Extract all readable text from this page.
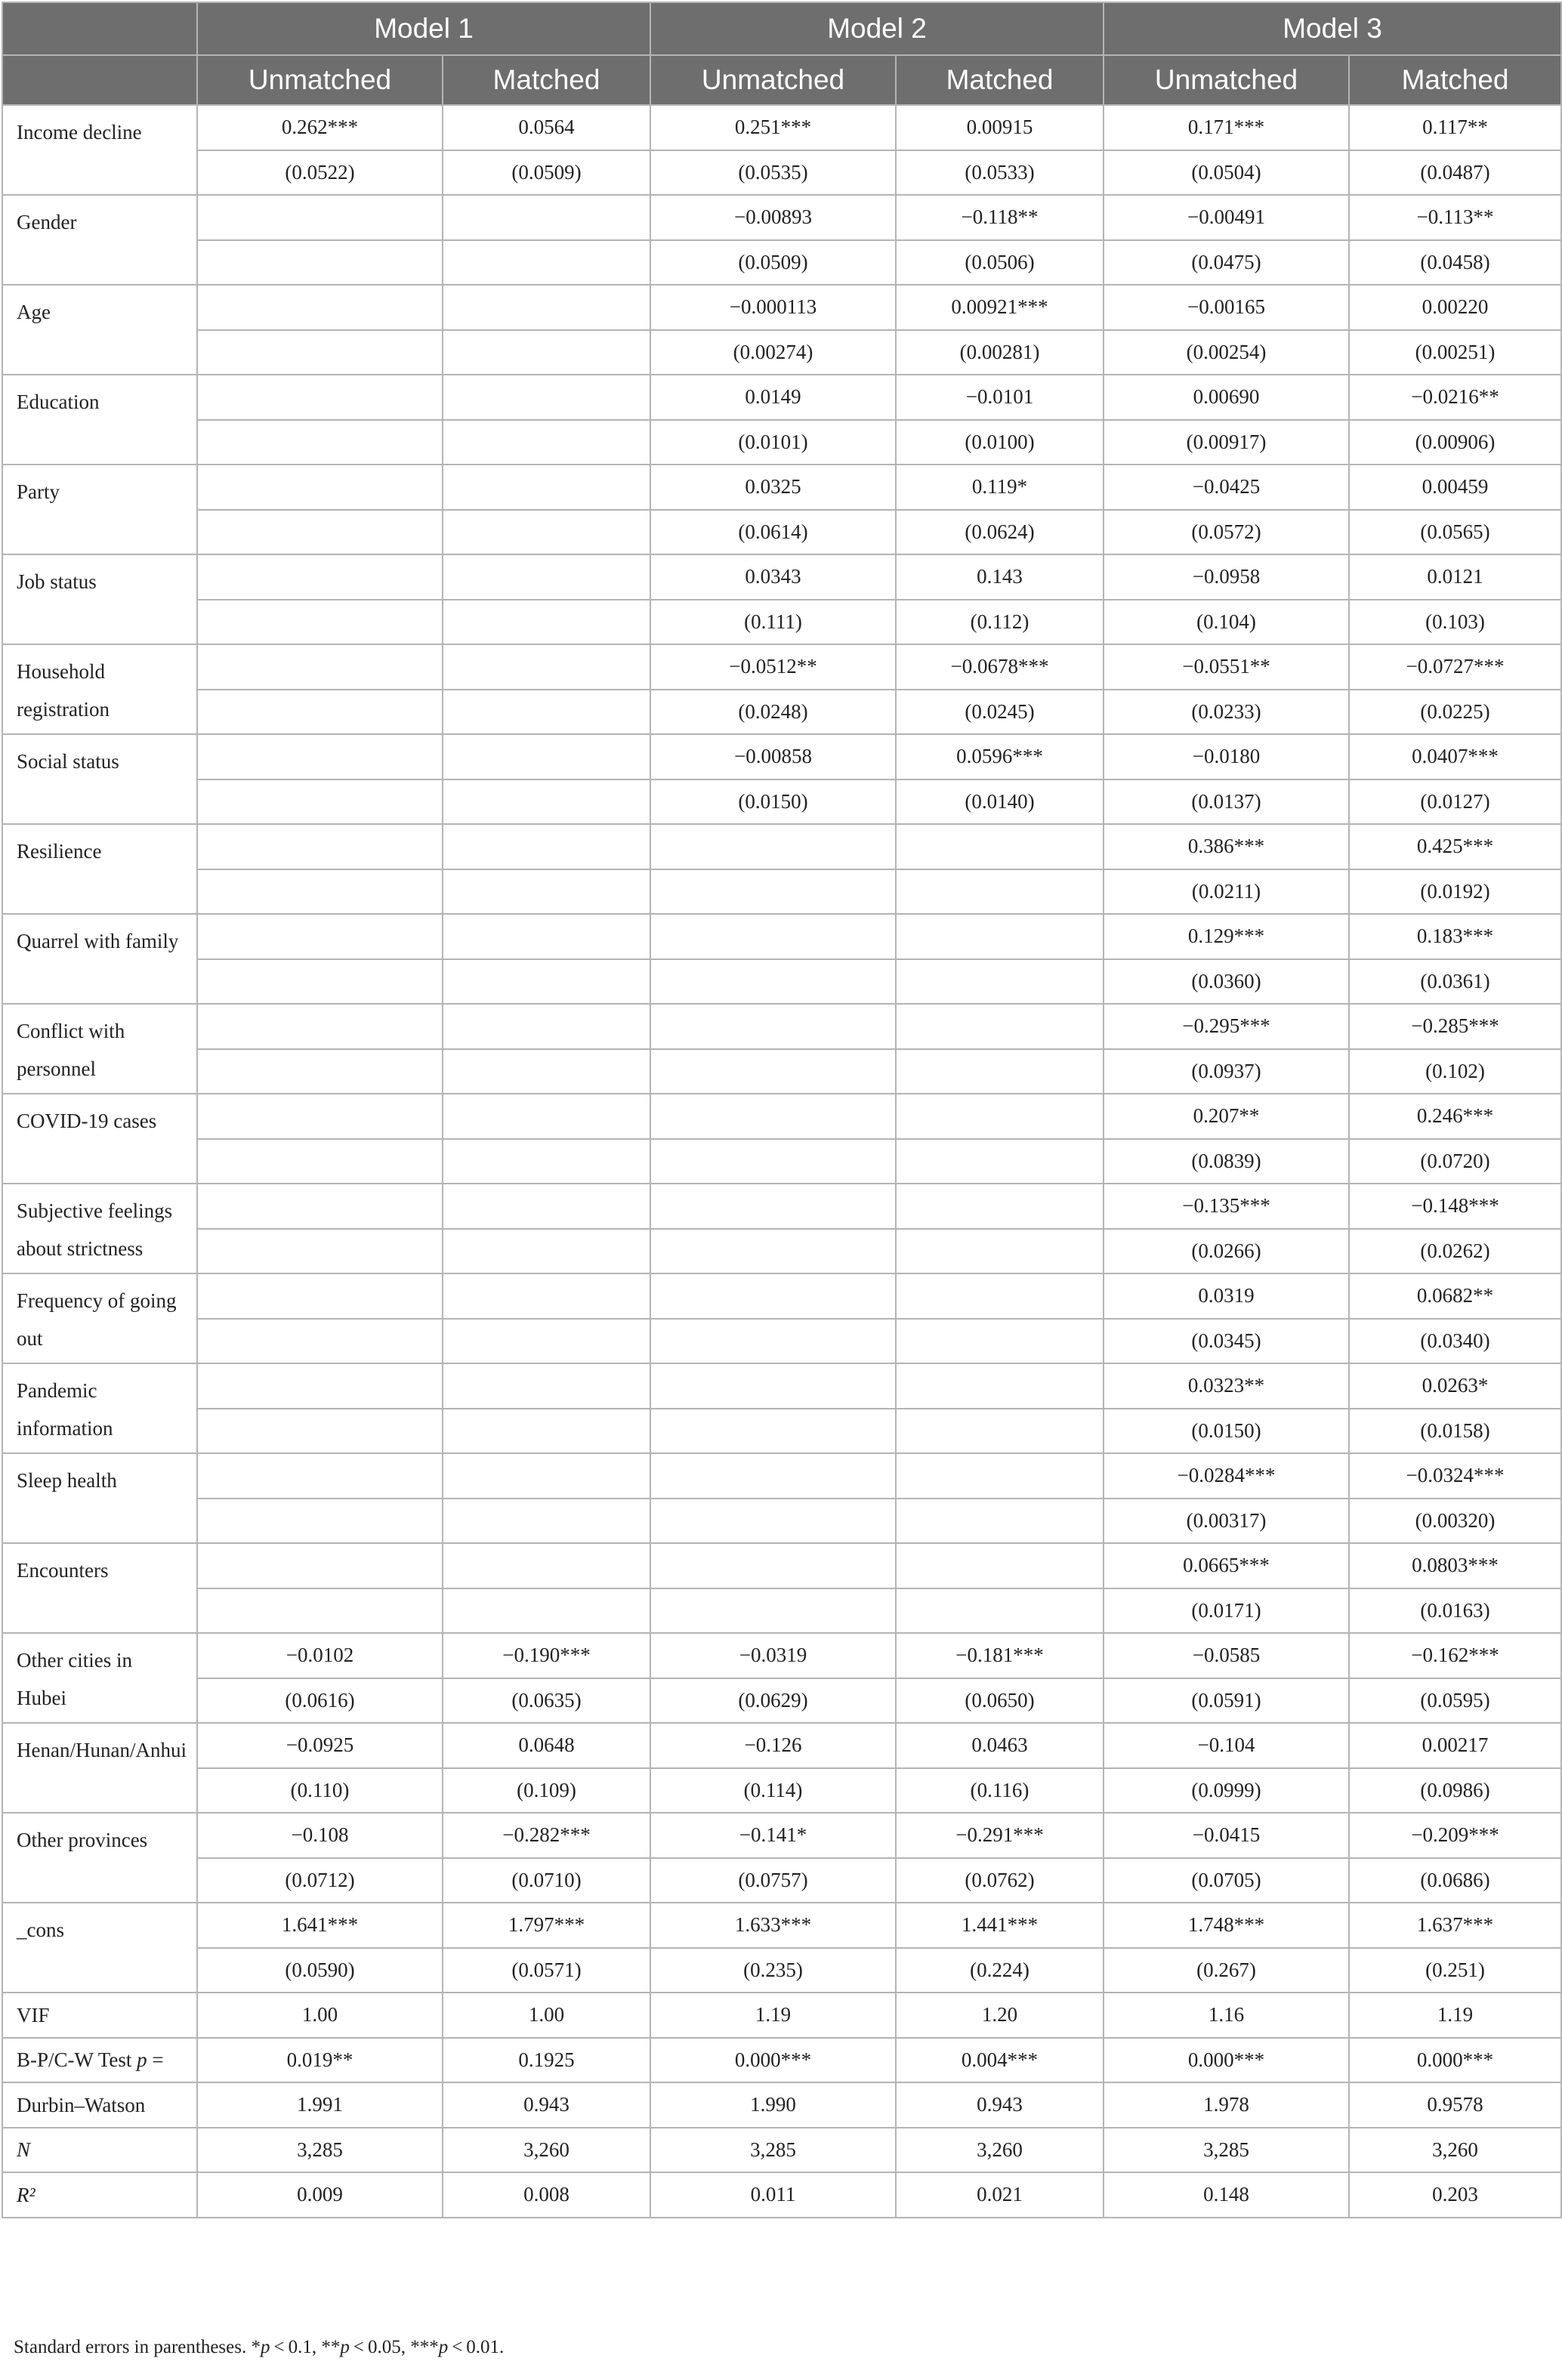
	Model 1		Model 2		Model 3	
	Unmatched	Matched	Unmatched	Matched	Unmatched	Matched
Income decline	0.262***	0.0564	0.251***	0.00915	0.171***	0.117**
	(0.0522)	(0.0509)	(0.0535)	(0.0533)	(0.0504)	(0.0487)
Gender			−0.00893	−0.118**	−0.00491	−0.113**
			(0.0509)	(0.0506)	(0.0475)	(0.0458)
Age			−0.000113	0.00921***	−0.00165	0.00220
			(0.00274)	(0.00281)	(0.00254)	(0.00251)
Education			0.0149	−0.0101	0.00690	−0.0216**
			(0.0101)	(0.0100)	(0.00917)	(0.00906)
Party			0.0325	0.119*	−0.0425	0.00459
			(0.0614)	(0.0624)	(0.0572)	(0.0565)
Job status			0.0343	0.143	−0.0958	0.0121
			(0.111)	(0.112)	(0.104)	(0.103)
Household registration			−0.0512**	−0.0678***	−0.0551**	−0.0727***
			(0.0248)	(0.0245)	(0.0233)	(0.0225)
Social status			−0.00858	0.0596***	−0.0180	0.0407***
			(0.0150)	(0.0140)	(0.0137)	(0.0127)
Resilience					0.386***	0.425***
					(0.0211)	(0.0192)
Quarrel with family					0.129***	0.183***
					(0.0360)	(0.0361)
Conflict with personnel					−0.295***	−0.285***
					(0.0937)	(0.102)
COVID-19 cases					0.207**	0.246***
					(0.0839)	(0.0720)
Subjective feelings about strictness					−0.135***	−0.148***
					(0.0266)	(0.0262)
Frequency of going out					0.0319	0.0682**
					(0.0345)	(0.0340)
Pandemic information					0.0323**	0.0263*
					(0.0150)	(0.0158)
Sleep health					−0.0284***	−0.0324***
					(0.00317)	(0.00320)
Encounters					0.0665***	0.0803***
					(0.0171)	(0.0163)
Other cities in Hubei	−0.0102	−0.190***	−0.0319	−0.181***	−0.0585	−0.162***
	(0.0616)	(0.0635)	(0.0629)	(0.0650)	(0.0591)	(0.0595)
Henan/Hunan/Anhui	−0.0925	0.0648	−0.126	0.0463	−0.104	0.00217
	(0.110)	(0.109)	(0.114)	(0.116)	(0.0999)	(0.0986)
Other provinces	−0.108	−0.282***	−0.141*	−0.291***	−0.0415	−0.209***
	(0.0712)	(0.0710)	(0.0757)	(0.0762)	(0.0705)	(0.0686)
_cons	1.641***	1.797***	1.633***	1.441***	1.748***	1.637***
	(0.0590)	(0.0571)	(0.235)	(0.224)	(0.267)	(0.251)
VIF	1.00	1.00	1.19	1.20	1.16	1.19
B-P/C-W Test p =	0.019**	0.1925	0.000***	0.004***	0.000***	0.000***
Durbin–Watson	1.991	0.943	1.990	0.943	1.978	0.9578
N	3,285	3,260	3,285	3,260	3,285	3,260
R²	0.009	0.008	0.011	0.021	0.148	0.203
Standard errors in parentheses. *p < 0.1, **p < 0.05, ***p < 0.01.
